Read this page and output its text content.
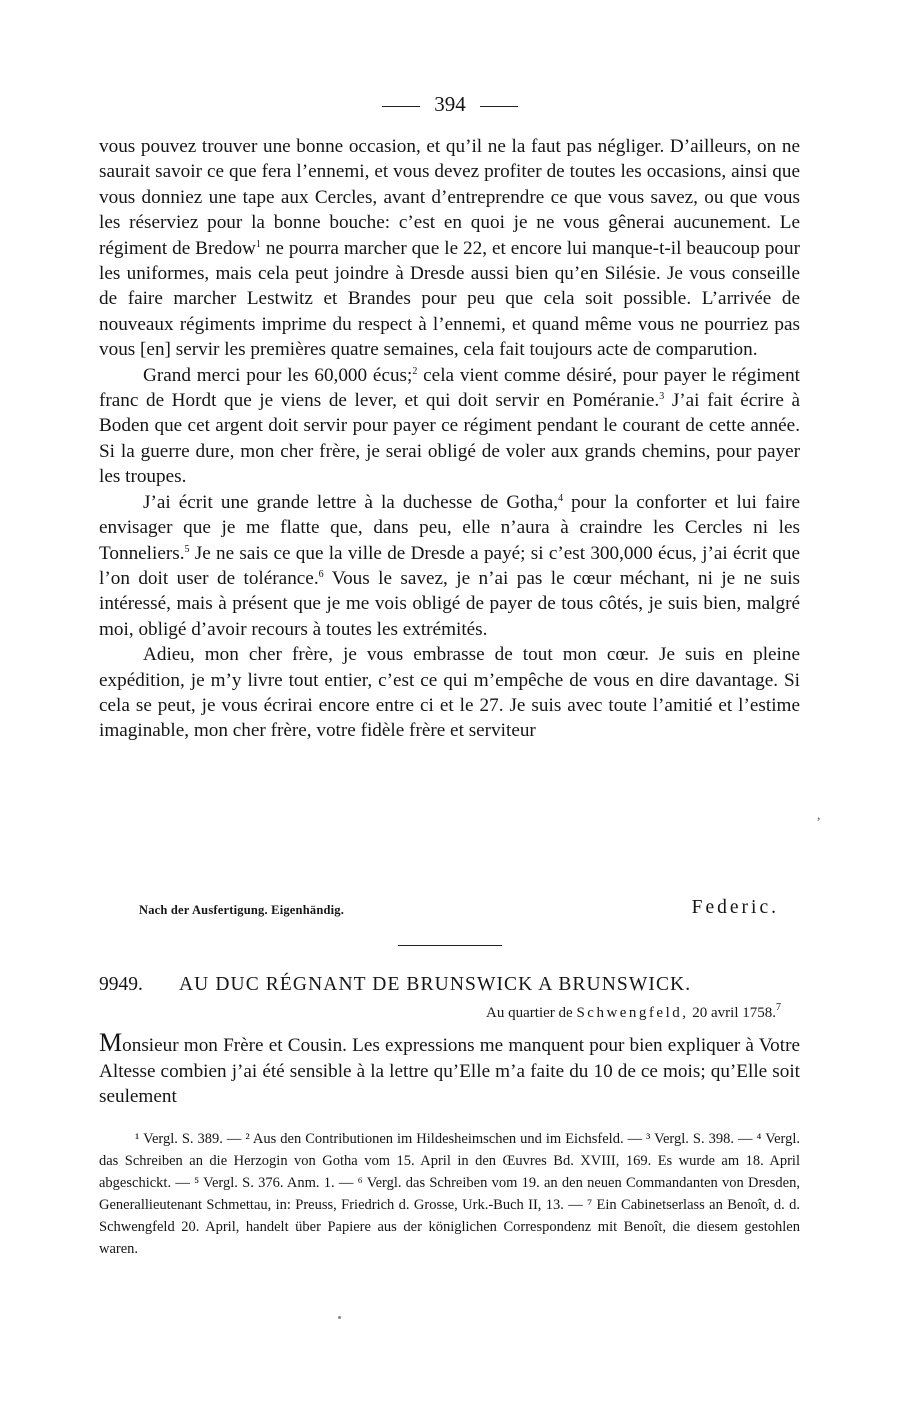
394

vous pouvez trouver une bonne occasion, et qu’il ne la faut pas négliger. D’ailleurs, on ne saurait savoir ce que fera l’ennemi, et vous devez profiter de toutes les occasions, ainsi que vous donniez une tape aux Cercles, avant d’entreprendre ce que vous savez, ou que vous les réserviez pour la bonne bouche: c’est en quoi je ne vous gênerai aucunement. Le régiment de Bredow$^1$ ne pourra marcher que le 22, et encore lui manque-t-il beaucoup pour les uniformes, mais cela peut joindre à Dresde aussi bien qu’en Silésie. Je vous conseille de faire marcher Lestwitz et Brandes pour peu que cela soit possible. L’arrivée de nouveaux régiments imprime du respect à l’ennemi, et quand même vous ne pourriez pas vous [en] servir les premières quatre semaines, cela fait toujours acte de comparution.

Grand merci pour les 60,000 écus;$^2$ cela vient comme désiré, pour payer le régiment franc de Hordt que je viens de lever, et qui doit servir en Poméranie.$^3$ J’ai fait écrire à Boden que cet argent doit servir pour payer ce régiment pendant le courant de cette année. Si la guerre dure, mon cher frère, je serai obligé de voler aux grands chemins, pour payer les troupes.

J’ai écrit une grande lettre à la duchesse de Gotha,$^4$ pour la conforter et lui faire envisager que je me flatte que, dans peu, elle n’aura à craindre les Cercles ni les Tonneliers.$^5$ Je ne sais ce que la ville de Dresde a payé; si c’est 300,000 écus, j’ai écrit que l’on doit user de tolérance.$^6$ Vous le savez, je n’ai pas le cœur méchant, ni je ne suis intéressé, mais à présent que je me vois obligé de payer de tous côtés, je suis bien, malgré moi, obligé d’avoir recours à toutes les extrémités.

Adieu, mon cher frère, je vous embrasse de tout mon cœur. Je suis en pleine expédition, je m’y livre tout entier, c’est ce qui m’empêche de vous en dire davantage. Si cela se peut, je vous écrirai encore entre ci et le 27. Je suis avec toute l’amitié et l’estime imaginable, mon cher frère, votre fidèle frère et serviteur

,
Nach der Ausfertigung. Eigenhändig.	Federic.
9949. AU DUC RÉGNANT DE BRUNSWICK A BRUNSWICK.
Au quartier de Schwengfeld, 20 avril 1758.$^7$
Monsieur mon Frère et Cousin. Les expressions me manquent pour bien expliquer à Votre Altesse combien j’ai été sensible à la lettre qu’Elle m’a faite du 10 de ce mois; qu’Elle soit seulement

¹ Vergl. S. 389. — ² Aus den Contributionen im Hildesheimschen und im Eichsfeld. — ³ Vergl. S. 398. — ⁴ Vergl. das Schreiben an die Herzogin von Gotha vom 15. April in den Œuvres Bd. XVIII, 169. Es wurde am 18. April abgeschickt. — ⁵ Vergl. S. 376. Anm. 1. — ⁶ Vergl. das Schreiben vom 19. an den neuen Commandanten von Dresden, Generallieutenant Schmettau, in: Preuss, Friedrich d. Grosse, Urk.-Buch II, 13. — ⁷ Ein Cabinetserlass an Benoît, d. d. Schwengfeld 20. April, handelt über Papiere aus der königlichen Correspondenz mit Benoît, die diesem gestohlen waren.
